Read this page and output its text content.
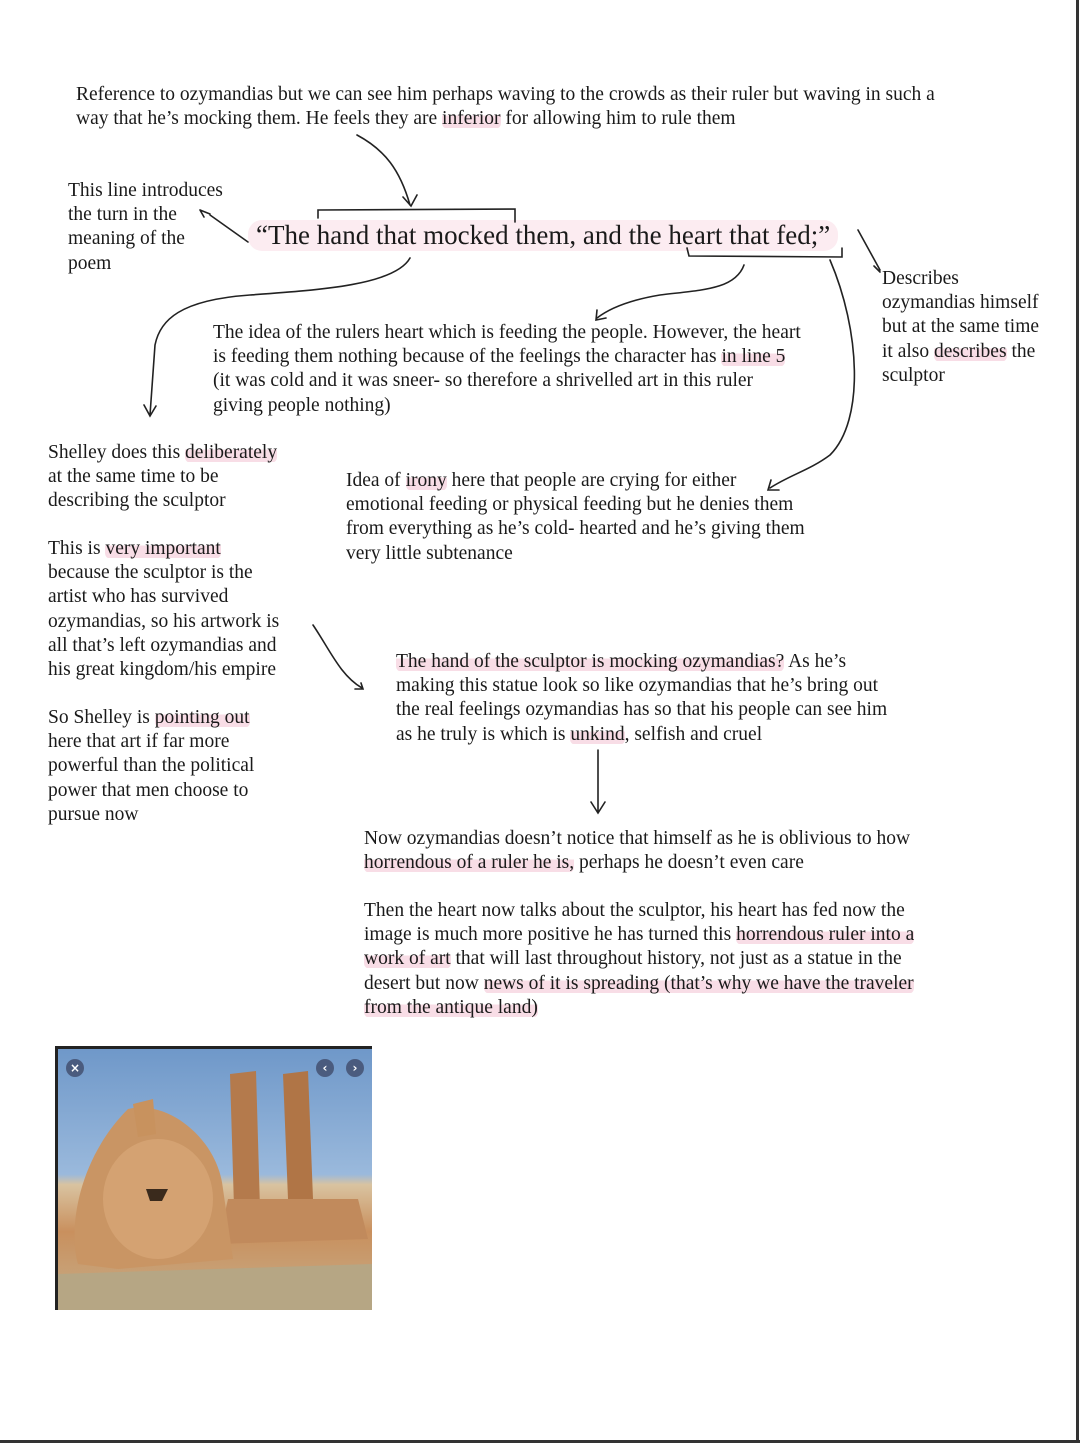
Reference to ozymandias but we can see him perhaps waving to the crowds as their ruler but waving in such a
way that he’s mocking them. He feels they are inferior for allowing him to rule them
This line introduces
the turn in the
meaning of the
poem
“The hand that mocked them, and the heart that fed;”
Describes
ozymandias himself
but at the same time
it also describes the
sculptor
The idea of the rulers heart which is feeding the people. However, the heart
is feeding them nothing because of the feelings the character has in line 5
(it was cold and it was sneer- so therefore a shrivelled art in this ruler
giving people nothing)
Shelley does this deliberately
at the same time to be
describing the sculptor
Idea of irony here that people are crying for either
emotional feeding or physical feeding but he denies them
from everything as he’s cold- hearted and he’s giving them
very little subtenance
This is very important
because the sculptor is the
artist who has survived
ozymandias, so his artwork is
all that’s left ozymandias and
his great kingdom/his empire
So Shelley is pointing out
here that art if far more
powerful than the political
power that men choose to
pursue now
The hand of the sculptor is mocking ozymandias? As he’s
making this statue look so like ozymandias that he’s bring out
the real feelings ozymandias has so that his people can see him
as he truly is which is unkind, selfish and cruel
Now ozymandias doesn’t notice that himself as he is oblivious to how
horrendous of a ruler he is, perhaps he doesn’t even care
Then the heart now talks about the sculptor, his heart has fed now the
image is much more positive he has turned this horrendous ruler into a
work of art that will last throughout history, not just as a statue in the
desert but now news of it is spreading (that’s why we have the traveler
from the antique land)
×	‹	›
